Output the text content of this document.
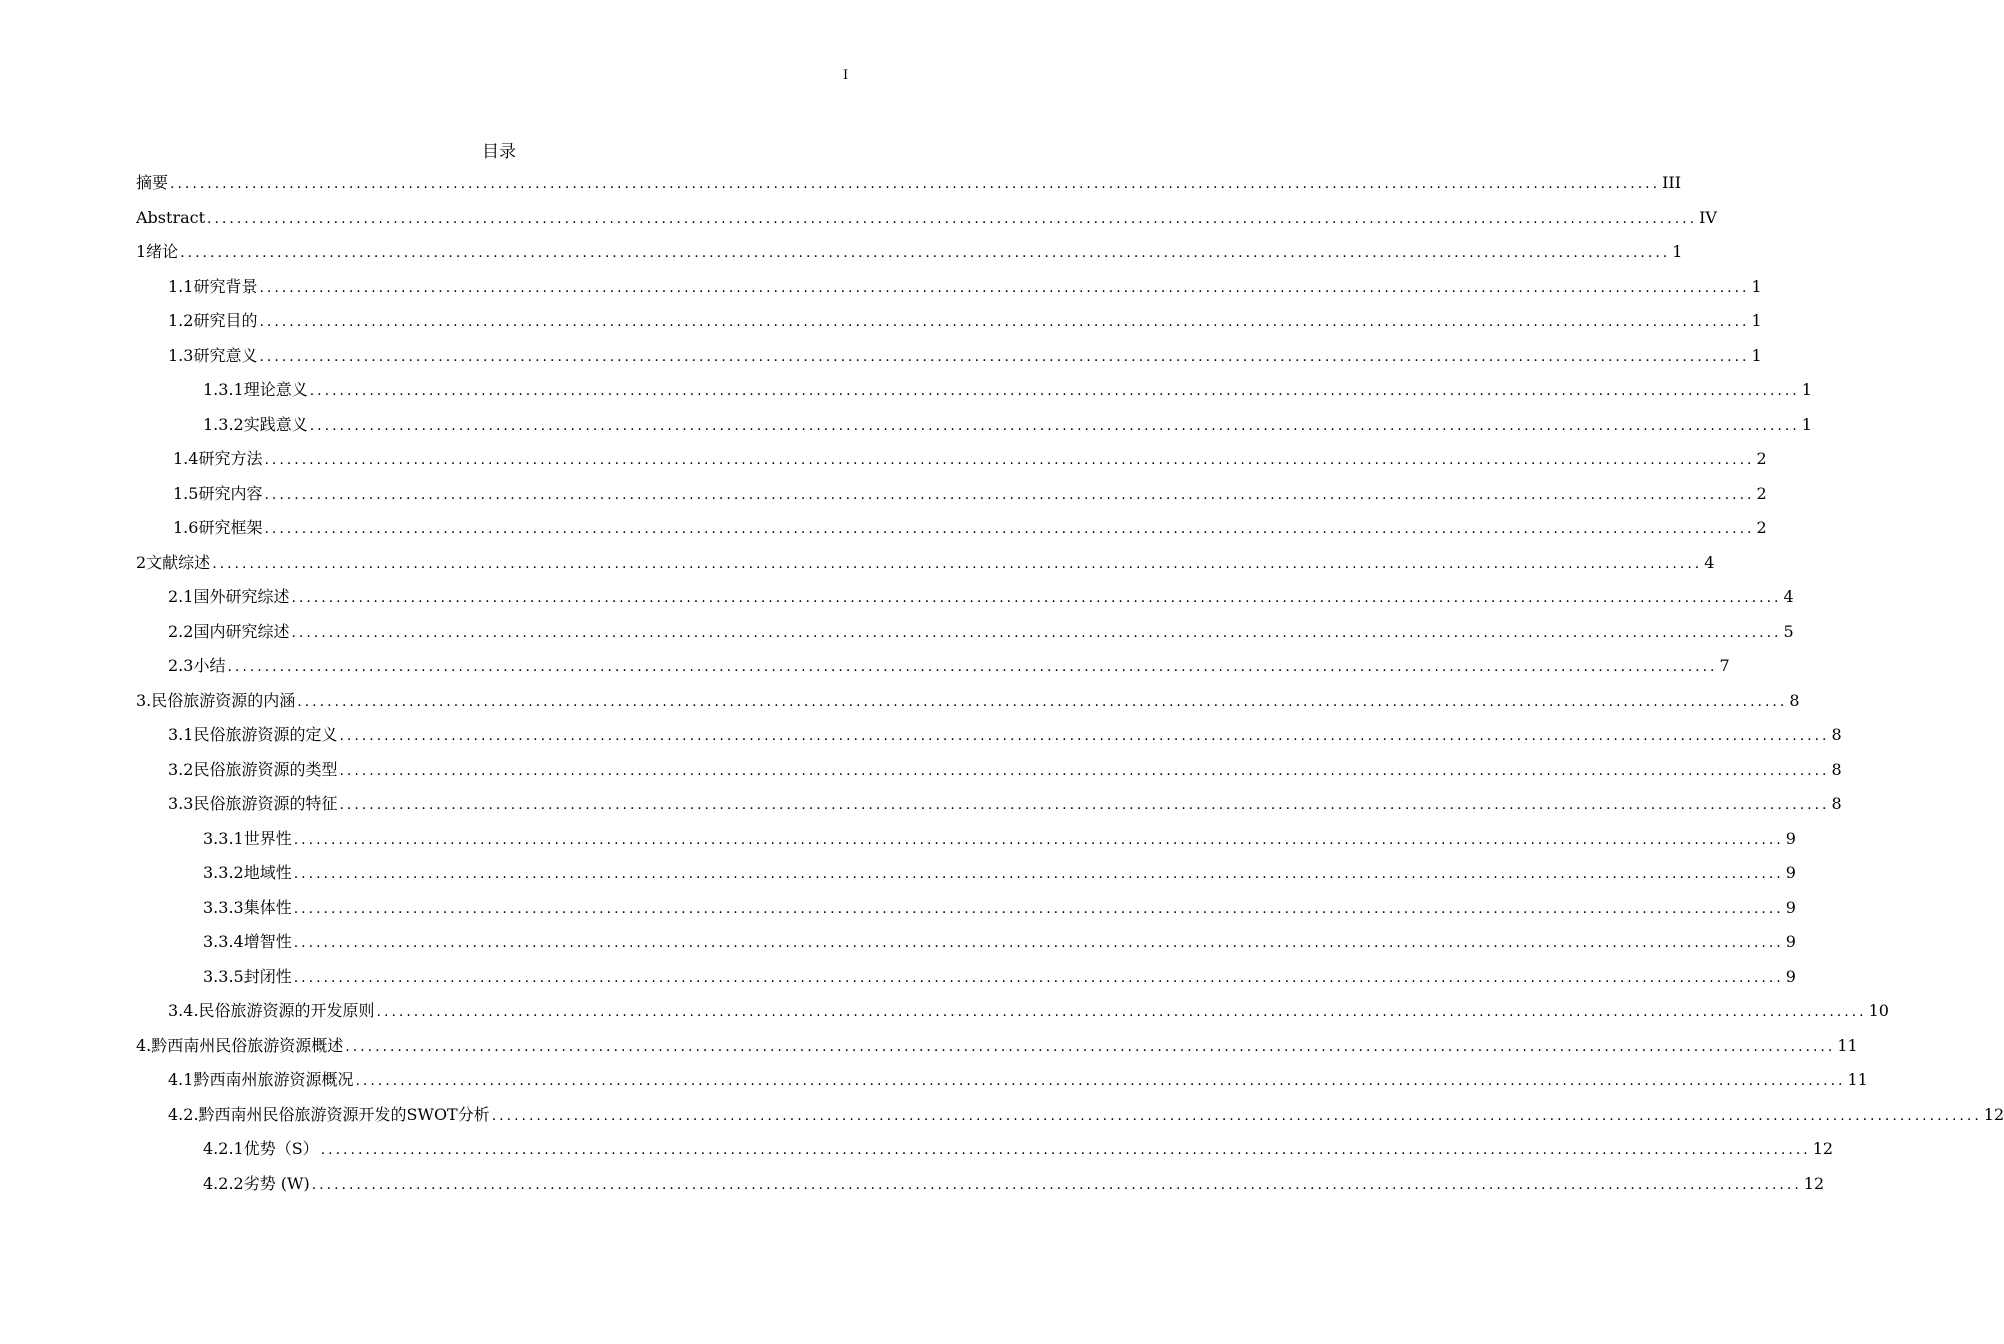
I
目录
摘要 ........................................................................................................................................................................................................ III
Abstract ........................................................................................................................................................................................................ IV
1绪论 ........................................................................................................................................................................................................ 1
1.1研究背景 ........................................................................................................................................................................................................ 1
1.2研究目的 ........................................................................................................................................................................................................ 1
1.3研究意义 ........................................................................................................................................................................................................ 1
1.3.1理论意义 ........................................................................................................................................................................................................ 1
1.3.2实践意义 ........................................................................................................................................................................................................ 1
1.4研究方法 ........................................................................................................................................................................................................ 2
1.5研究内容 ........................................................................................................................................................................................................ 2
1.6研究框架 ........................................................................................................................................................................................................ 2
2文献综述 ........................................................................................................................................................................................................ 4
2.1国外研究综述 ........................................................................................................................................................................................................ 4
2.2国内研究综述 ........................................................................................................................................................................................................ 5
2.3小结 ........................................................................................................................................................................................................ 7
3.民俗旅游资源的内涵 ........................................................................................................................................................................................................ 8
3.1民俗旅游资源的定义 ........................................................................................................................................................................................................ 8
3.2民俗旅游资源的类型 ........................................................................................................................................................................................................ 8
3.3民俗旅游资源的特征 ........................................................................................................................................................................................................ 8
3.3.1世界性 ........................................................................................................................................................................................................ 9
3.3.2地域性 ........................................................................................................................................................................................................ 9
3.3.3集体性 ........................................................................................................................................................................................................ 9
3.3.4增智性 ........................................................................................................................................................................................................ 9
3.3.5封闭性 ........................................................................................................................................................................................................ 9
3.4.民俗旅游资源的开发原则 ........................................................................................................................................................................................................ 10
4.黔西南州民俗旅游资源概述 ........................................................................................................................................................................................................ 11
4.1黔西南州旅游资源概况 ........................................................................................................................................................................................................ 11
4.2.黔西南州民俗旅游资源开发的SWOT分析 ........................................................................................................................................................................................................ 12
4.2.1优势（S） ........................................................................................................................................................................................................ 12
4.2.2劣势 (W) ........................................................................................................................................................................................................ 12
